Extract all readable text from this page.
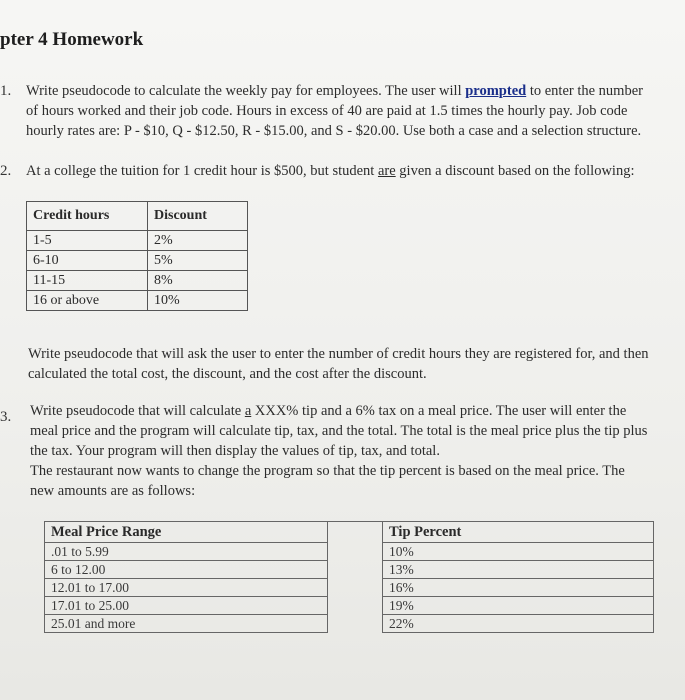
pter 4 Homework
1. Write pseudocode to calculate the weekly pay for employees. The user will prompted to enter the number
of hours worked and their job code. Hours in excess of 40 are paid at 1.5 times the hourly pay. Job code
hourly rates are: P - $10, Q - $12.50, R - $15.00, and S - $20.00. Use both a case and a selection structure.
2. At a college the tuition for 1 credit hour is $500, but student are given a discount based on the following:
Credit hours	Discount
1-5	2%
6-10	5%
11-15	8%
16 or above	10%
Write pseudocode that will ask the user to enter the number of credit hours they are registered for, and then
calculated the total cost, the discount, and the cost after the discount.
3. Write pseudocode that will calculate a XXX% tip and a 6% tax on a meal price. The user will enter the
meal price and the program will calculate tip, tax, and the total. The total is the meal price plus the tip plus
the tax. Your program will then display the values of tip, tax, and total.
The restaurant now wants to change the program so that the tip percent is based on the meal price. The
new amounts are as follows:
Meal Price Range		Tip Percent
.01 to 5.99		10%
6 to 12.00		13%
12.01 to 17.00		16%
17.01 to 25.00		19%
25.01 and more		22%
